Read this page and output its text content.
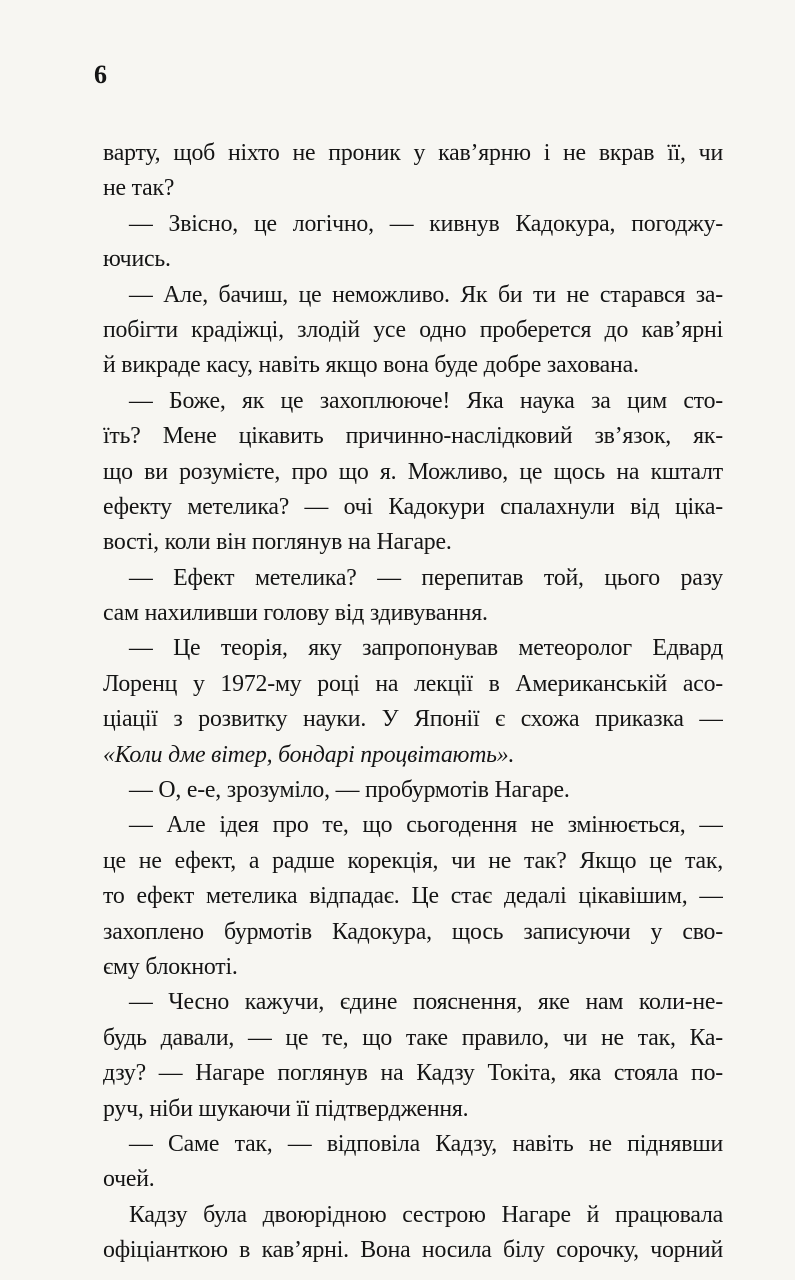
6
варту, щоб ніхто не проник у кав’ярню і не вкрав її, чи
не так?
— Звісно, це логічно, — кивнув Кадокура, погоджу-
ючись.
— Але, бачиш, це неможливо. Як би ти не старався за-
побігти крадіжці, злодій усе одно проберется до кав’ярні
й викраде касу, навіть якщо вона буде добре захована.
— Боже, як це захоплююче! Яка наука за цим сто-
їть? Мене цікавить причинно-наслідковий зв’язок, як-
що ви розумієте, про що я. Можливо, це щось на кшталт
ефекту метелика? — очі Кадокури спалахнули від ціка-
вості, коли він поглянув на Нагаре.
— Ефект метелика? — перепитав той, цього разу
сам нахиливши голову від здивування.
— Це теорія, яку запропонував метеоролог Едвард
Лоренц у 1972-му році на лекції в Американській асо-
ціації з розвитку науки. У Японії є схожа приказка —
«Коли дме вітер, бондарі процвітають».
— О, е-е, зрозуміло, — пробурмотів Нагаре.
— Але ідея про те, що сьогодення не змінюється, —
це не ефект, а радше корекція, чи не так? Якщо це так,
то ефект метелика відпадає. Це стає дедалі цікавішим, —
захоплено бурмотів Кадокура, щось записуючи у сво-
єму блокноті.
— Чесно кажучи, єдине пояснення, яке нам коли-не-
будь давали, — це те, що таке правило, чи не так, Ка-
дзу? — Нагаре поглянув на Кадзу Токіта, яка стояла по-
руч, ніби шукаючи її підтвердження.
— Саме так, — відповіла Кадзу, навіть не піднявши
очей.
Кадзу була двоюрідною сестрою Нагаре й працювала
офіціанткою в кав’ярні. Вона носила білу сорочку, чорний
